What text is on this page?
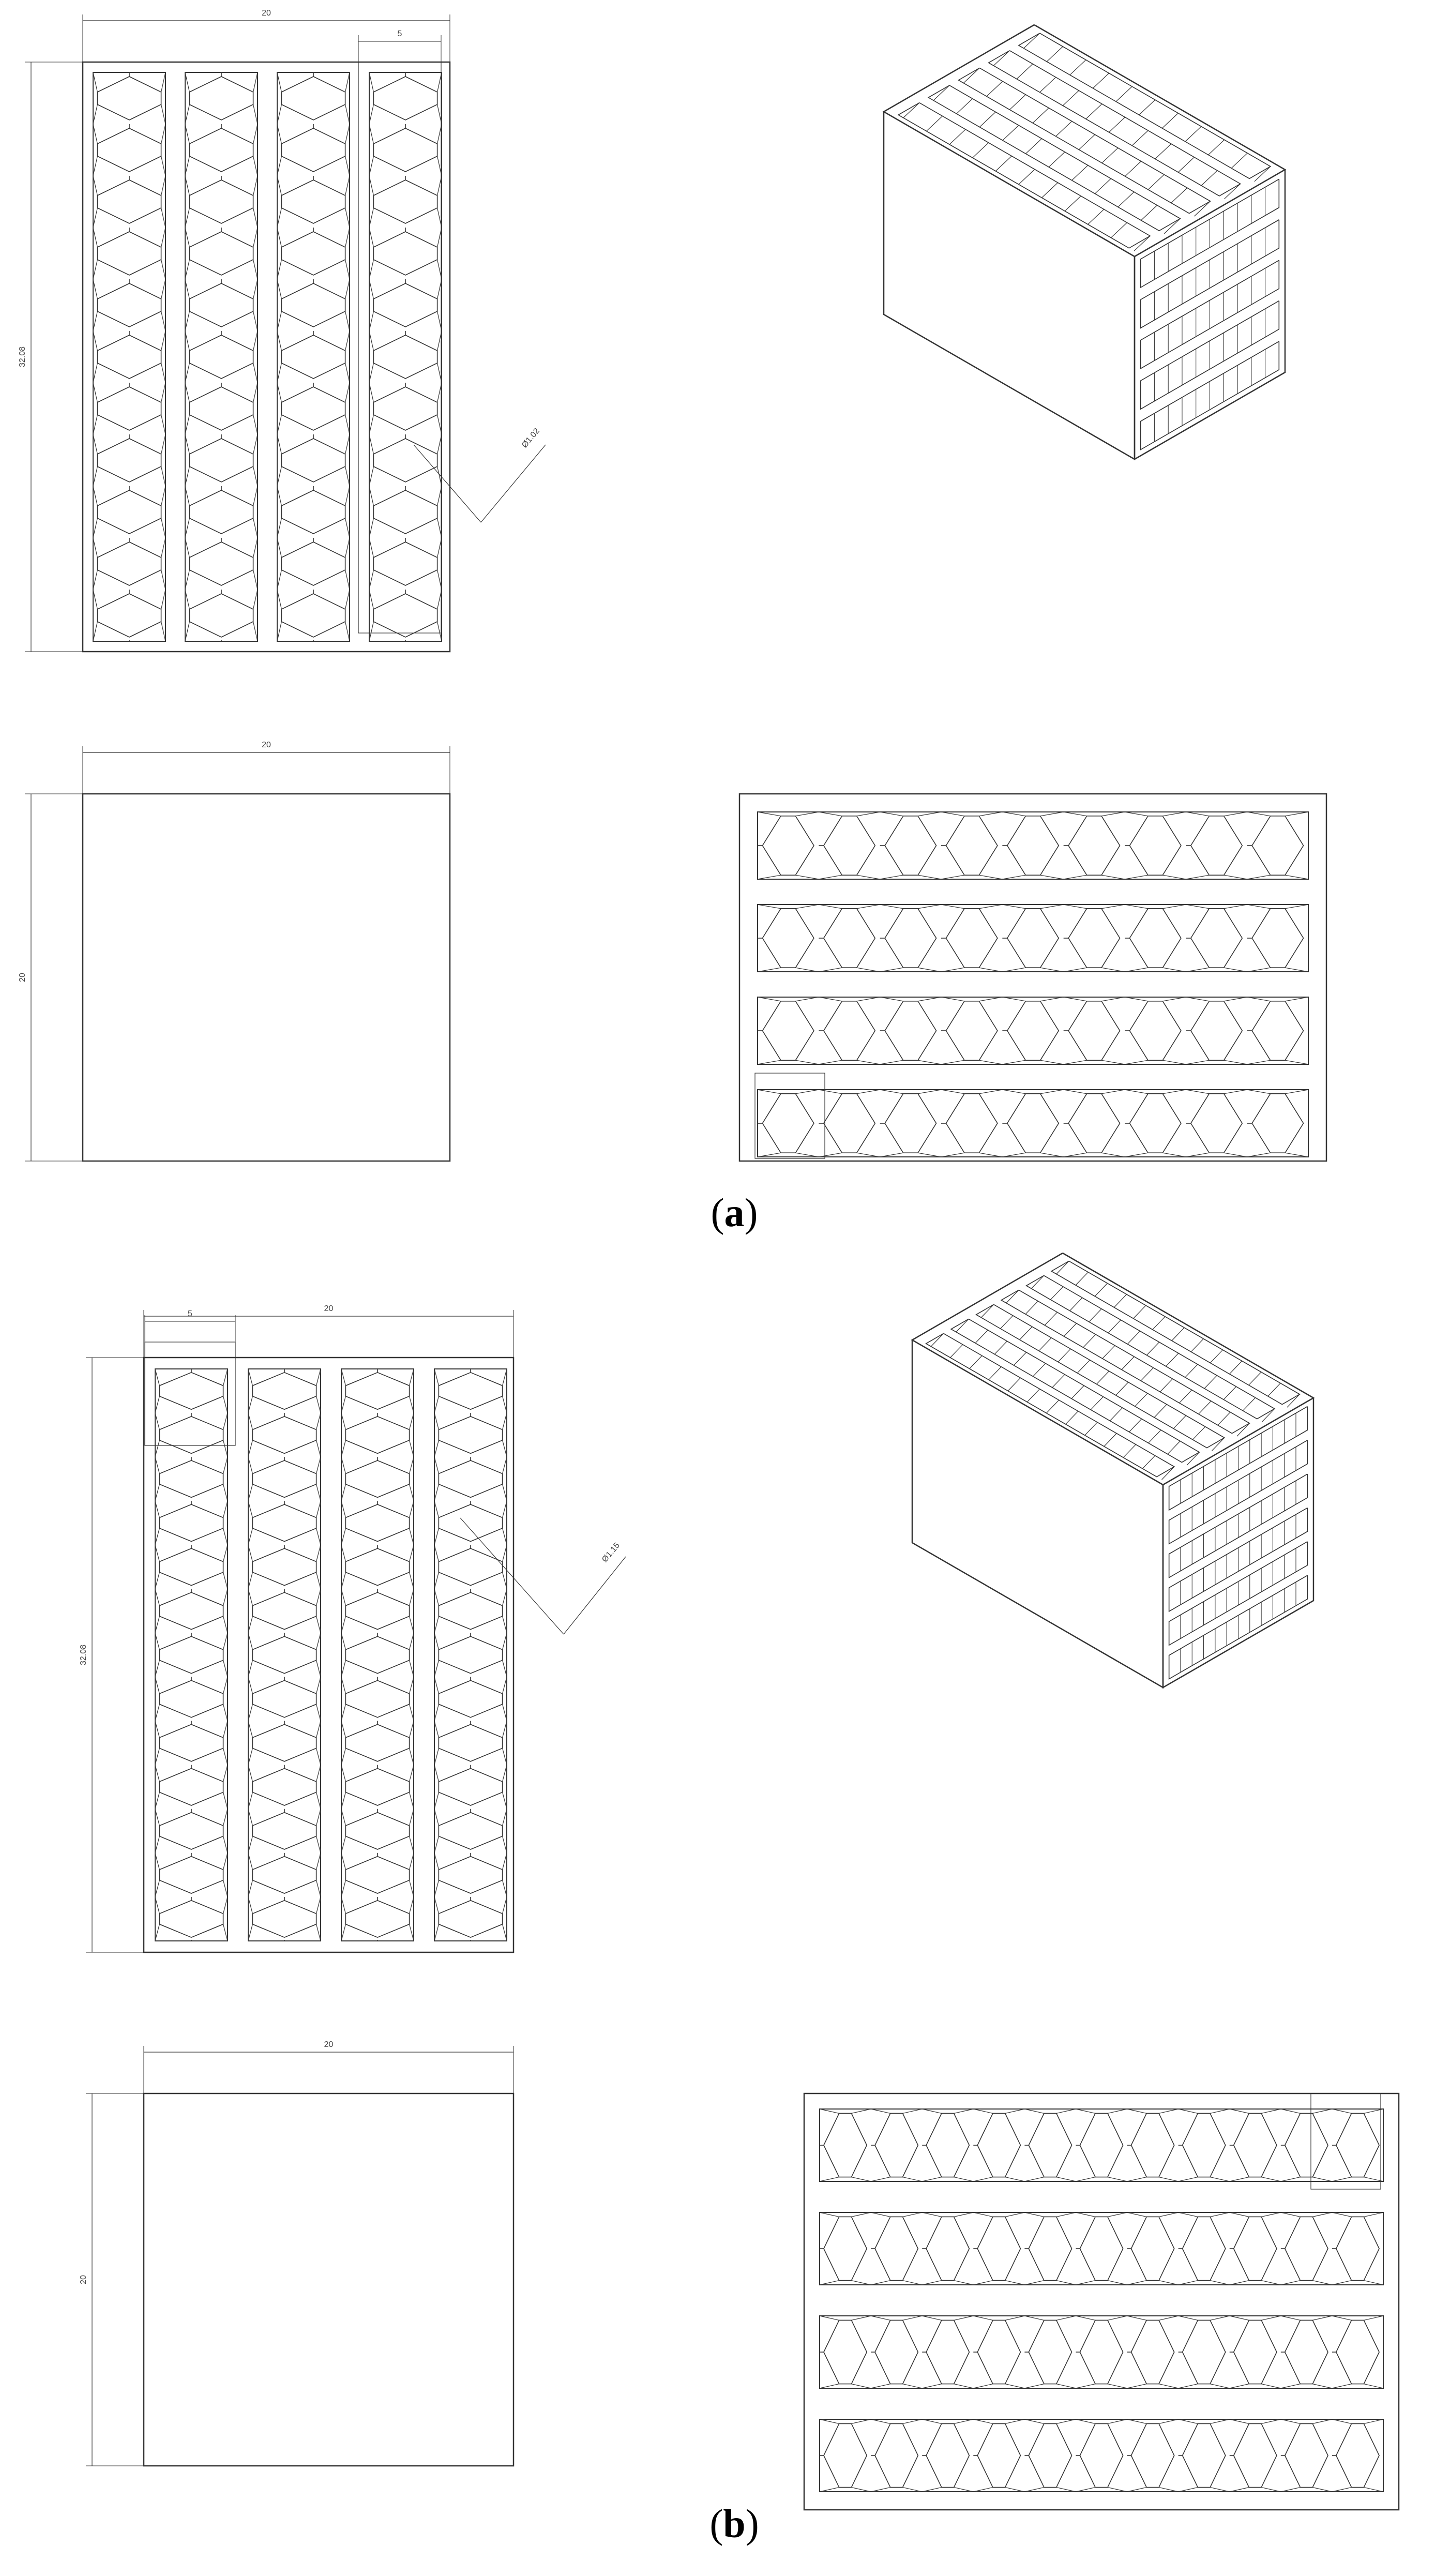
20
32.08
5
Ø1.02
20
20
20
32.08
5
Ø1.15
20
20
(a)
(b)
